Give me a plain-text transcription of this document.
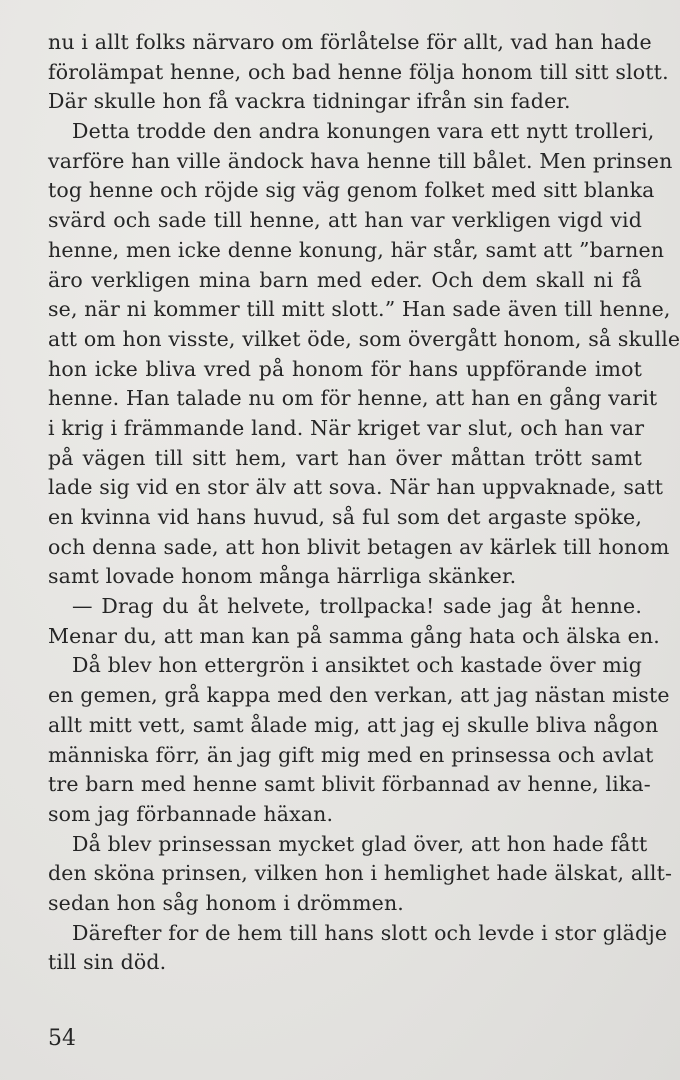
nu i allt folks närvaro om förlåtelse för allt, vad han hade
förolämpat henne, och bad henne följa honom till sitt slott.
Där skulle hon få vackra tidningar ifrån sin fader.
Detta trodde den andra konungen vara ett nytt trolleri,
varföre han ville ändock hava henne till bålet. Men prinsen
tog henne och röjde sig väg genom folket med sitt blanka
svärd och sade till henne, att han var verkligen vigd vid
henne, men icke denne konung, här står, samt att ”barnen
äro verkligen mina barn med eder. Och dem skall ni få
se, när ni kommer till mitt slott.” Han sade även till henne,
att om hon visste, vilket öde, som övergått honom, så skulle
hon icke bliva vred på honom för hans uppförande imot
henne. Han talade nu om för henne, att han en gång varit
i krig i främmande land. När kriget var slut, och han var
på vägen till sitt hem, vart han över måttan trött samt
lade sig vid en stor älv att sova. När han uppvaknade, satt
en kvinna vid hans huvud, så ful som det argaste spöke,
och denna sade, att hon blivit betagen av kärlek till honom
samt lovade honom många härrliga skänker.
— Drag du åt helvete, trollpacka! sade jag åt henne.
Menar du, att man kan på samma gång hata och älska en.
Då blev hon ettergrön i ansiktet och kastade över mig
en gemen, grå kappa med den verkan, att jag nästan miste
allt mitt vett, samt ålade mig, att jag ej skulle bliva någon
människa förr, än jag gift mig med en prinsessa och avlat
tre barn med henne samt blivit förbannad av henne, lika-
som jag förbannade häxan.
Då blev prinsessan mycket glad över, att hon hade fått
den sköna prinsen, vilken hon i hemlighet hade älskat, allt-
sedan hon såg honom i drömmen.
Därefter for de hem till hans slott och levde i stor glädje
till sin död.
54
